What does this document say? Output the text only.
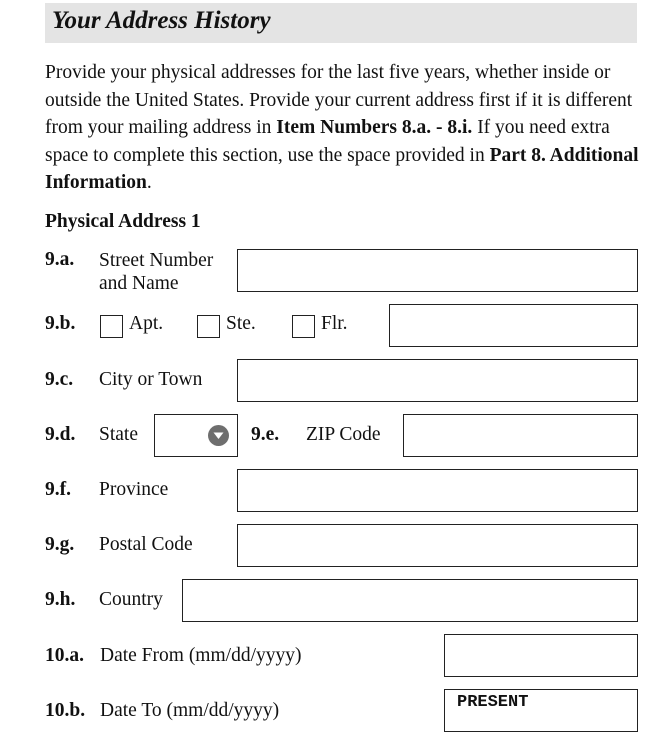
Your Address History
Provide your physical addresses for the last five years, whether inside or outside the United States. Provide your current address first if it is different from your mailing address in Item Numbers 8.a. - 8.i. If you need extra space to complete this section, use the space provided in Part 8. Additional Information.
Physical Address 1
9.a. Street Number
and Name
9.b.	Apt.	Ste.	Flr.
9.c. City or Town
9.d. State	9.e. ZIP Code
9.f. Province
9.g. Postal Code
9.h. Country
10.a. Date From (mm/dd/yyyy)
10.b. Date To (mm/dd/yyyy)	PRESENT
